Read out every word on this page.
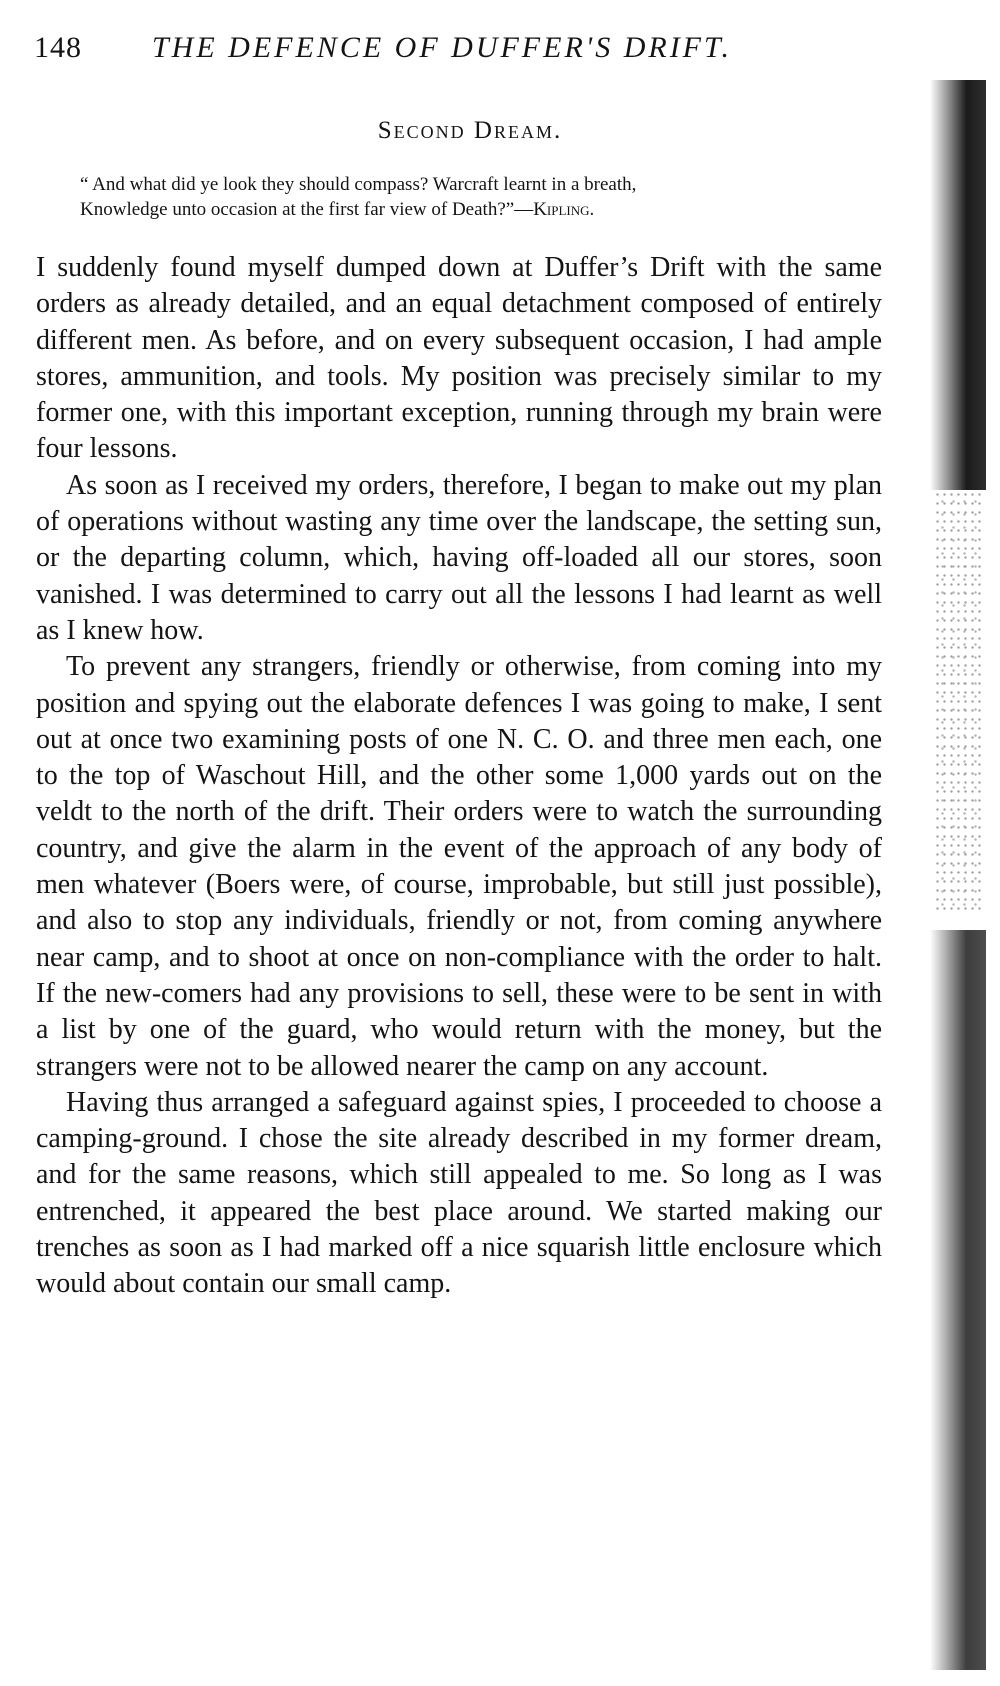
148 THE DEFENCE OF DUFFER'S DRIFT.
Second Dream.
“ And what did ye look they should compass? Warcraft learnt in a breath,
Knowledge unto occasion at the first far view of Death?”—Kipling.

I suddenly found myself dumped down at Duffer’s Drift with the same orders as already detailed, and an equal detachment composed of entirely different men. As before, and on every subsequent occasion, I had ample stores, ammunition, and tools. My position was precisely similar to my former one, with this important exception, running through my brain were four lessons.

As soon as I received my orders, therefore, I began to make out my plan of operations without wasting any time over the landscape, the setting sun, or the departing column, which, having off-loaded all our stores, soon vanished. I was determined to carry out all the lessons I had learnt as well as I knew how.

To prevent any strangers, friendly or otherwise, from coming into my position and spying out the elaborate defences I was going to make, I sent out at once two examining posts of one N. C. O. and three men each, one to the top of Waschout Hill, and the other some 1,000 yards out on the veldt to the north of the drift. Their orders were to watch the surrounding country, and give the alarm in the event of the approach of any body of men whatever (Boers were, of course, improbable, but still just possible), and also to stop any individuals, friendly or not, from coming anywhere near camp, and to shoot at once on non-compliance with the order to halt. If the new-comers had any provisions to sell, these were to be sent in with a list by one of the guard, who would return with the money, but the strangers were not to be allowed nearer the camp on any account.

Having thus arranged a safeguard against spies, I proceeded to choose a camping-ground. I chose the site already described in my former dream, and for the same reasons, which still appealed to me. So long as I was entrenched, it appeared the best place around. We started making our trenches as soon as I had marked off a nice squarish little enclosure which would about contain our small camp.
